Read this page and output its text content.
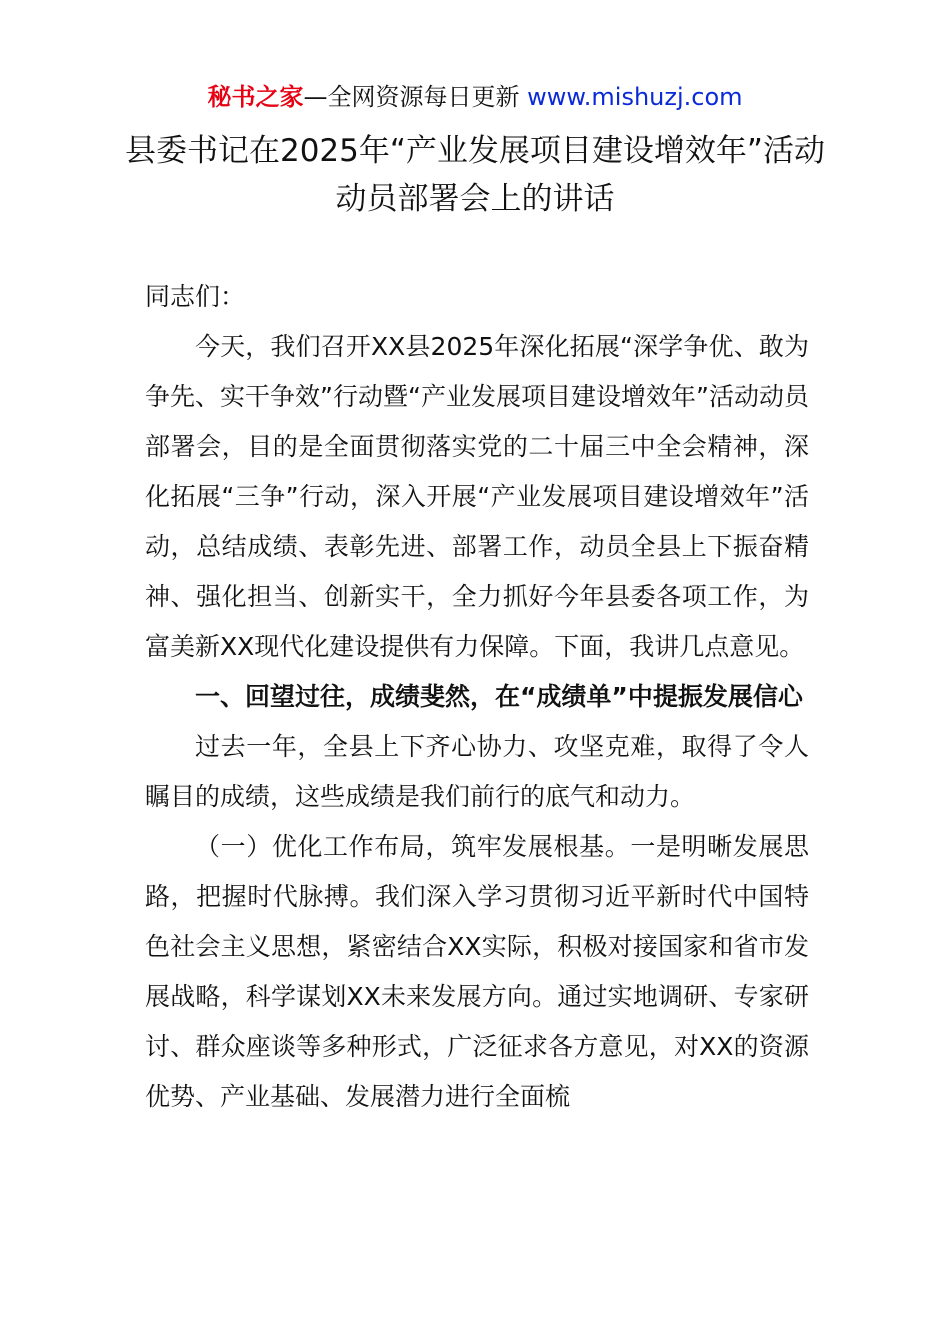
秘书之家—全网资源每日更新 www.mishuzj.com
县委书记在2025年“产业发展项目建设增效年”活动动员部署会上的讲话

同志们：

今天，我们召开XX县2025年深化拓展“深学争优、敢为争先、实干争效”行动暨“产业发展项目建设增效年”活动动员部署会，目的是全面贯彻落实党的二十届三中全会精神，深化拓展“三争”行动，深入开展“产业发展项目建设增效年”活动，总结成绩、表彰先进、部署工作，动员全县上下振奋精神、强化担当、创新实干，全力抓好今年县委各项工作，为富美新XX现代化建设提供有力保障。下面，我讲几点意见。

一、回望过往，成绩斐然，在“成绩单”中提振发展信心

过去一年，全县上下齐心协力、攻坚克难，取得了令人瞩目的成绩，这些成绩是我们前行的底气和动力。

（一）优化工作布局，筑牢发展根基。一是明晰发展思路，把握时代脉搏。我们深入学习贯彻习近平新时代中国特色社会主义思想，紧密结合XX实际，积极对接国家和省市发展战略，科学谋划XX未来发展方向。通过实地调研、专家研讨、群众座谈等多种形式，广泛征求各方意见，对XX的资源优势、产业基础、发展潜力进行全面梳
